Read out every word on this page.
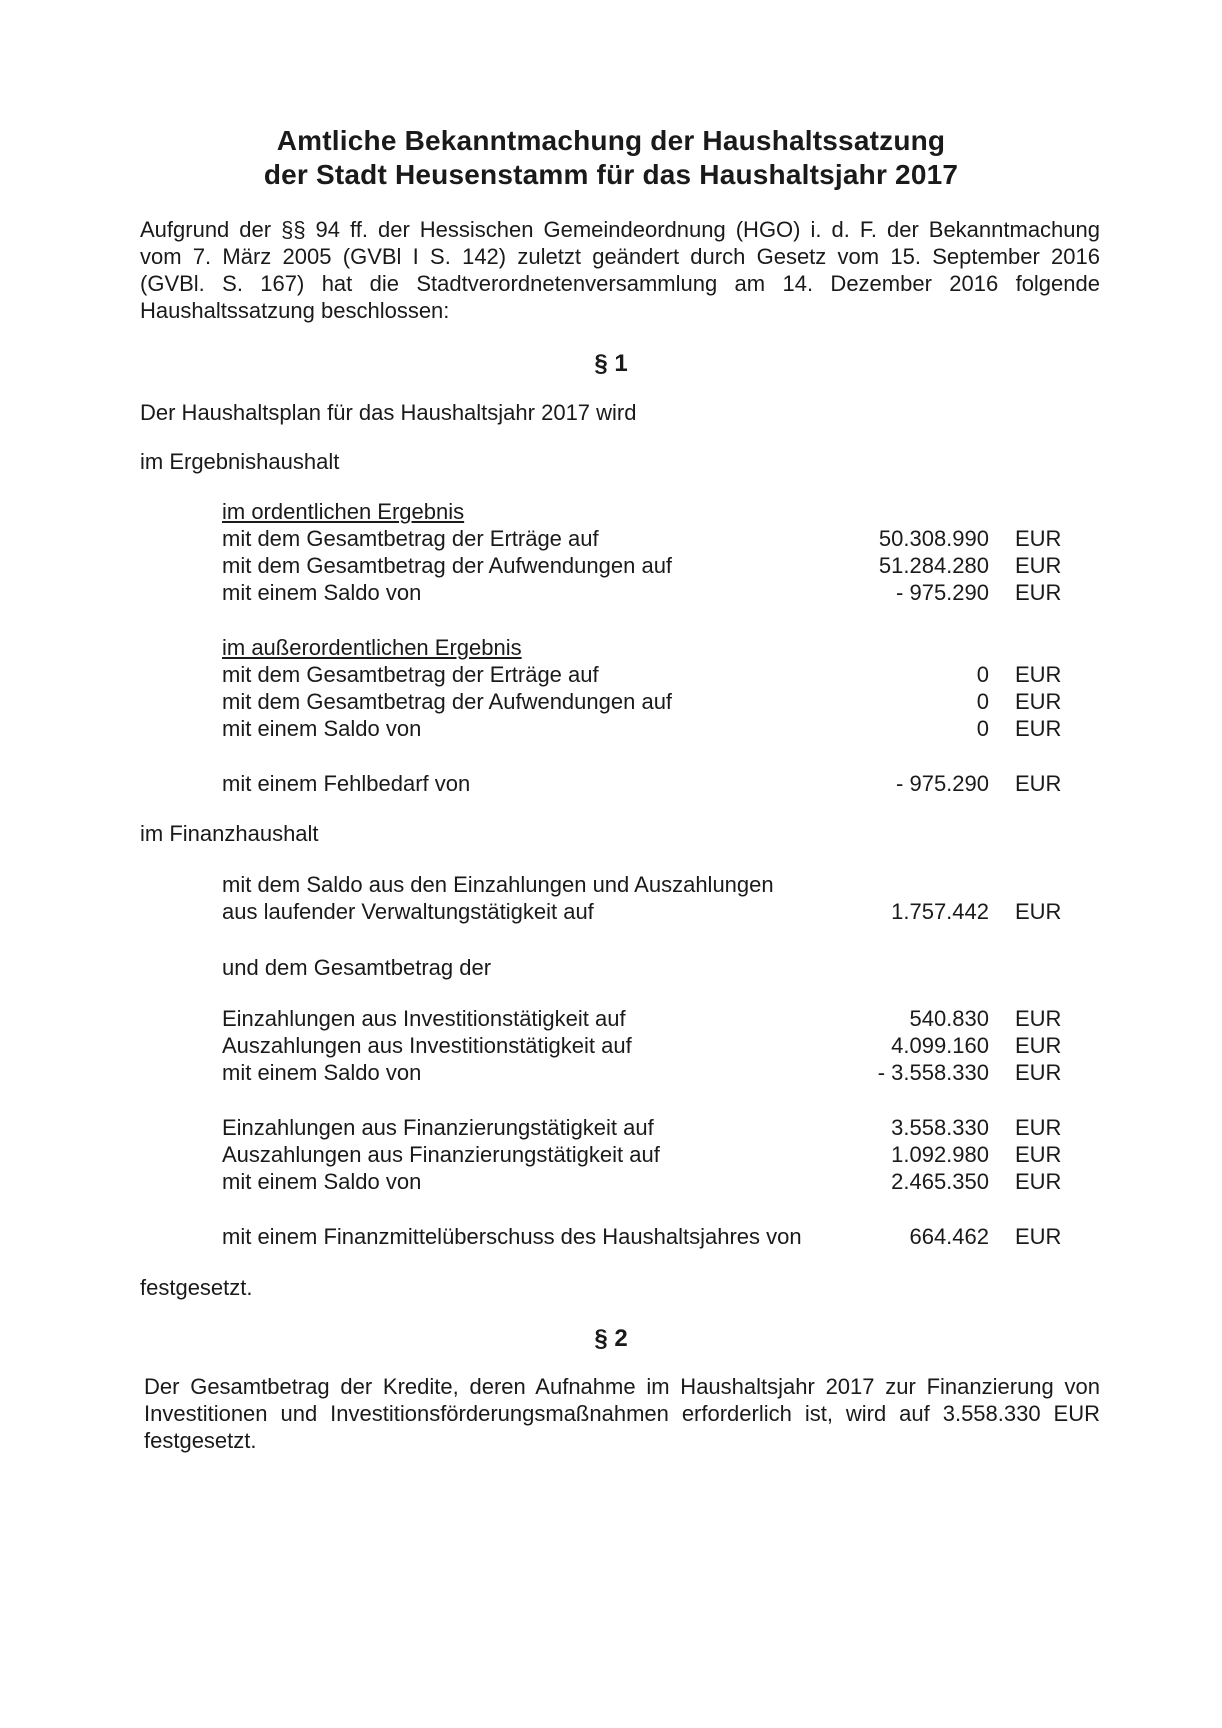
Amtliche Bekanntmachung der Haushaltssatzung
der Stadt Heusenstamm für das Haushaltsjahr 2017
Aufgrund der §§ 94 ff. der Hessischen Gemeindeordnung (HGO) i. d. F. der Bekanntmachung
vom 7. März 2005 (GVBl I S. 142) zuletzt geändert durch Gesetz vom 15. September 2016
(GVBl. S. 167) hat die Stadtverordnetenversammlung am 14. Dezember 2016 folgende
Haushaltssatzung beschlossen:
§ 1
Der Haushaltsplan für das Haushaltsjahr 2017 wird
im Ergebnishaushalt
im ordentlichen Ergebnis
mit dem Gesamtbetrag der Erträge auf	50.308.990 EUR
mit dem Gesamtbetrag der Aufwendungen auf	51.284.280 EUR
mit einem Saldo von	- 975.290 EUR
im außerordentlichen Ergebnis
mit dem Gesamtbetrag der Erträge auf	0 EUR
mit dem Gesamtbetrag der Aufwendungen auf	0 EUR
mit einem Saldo von	0 EUR
mit einem Fehlbedarf von	- 975.290 EUR
im Finanzhaushalt
mit dem Saldo aus den Einzahlungen und Auszahlungen
aus laufender Verwaltungstätigkeit auf	1.757.442 EUR
und dem Gesamtbetrag der
Einzahlungen aus Investitionstätigkeit auf	540.830 EUR
Auszahlungen aus Investitionstätigkeit auf	4.099.160 EUR
mit einem Saldo von	- 3.558.330 EUR
Einzahlungen aus Finanzierungstätigkeit auf	3.558.330 EUR
Auszahlungen aus Finanzierungstätigkeit auf	1.092.980 EUR
mit einem Saldo von	2.465.350 EUR
mit einem Finanzmittelüberschuss des Haushaltsjahres von	664.462 EUR
festgesetzt.
§ 2
Der Gesamtbetrag der Kredite, deren Aufnahme im Haushaltsjahr 2017 zur Finanzierung von
Investitionen und Investitionsförderungsmaßnahmen erforderlich ist, wird auf 3.558.330 EUR
festgesetzt.
